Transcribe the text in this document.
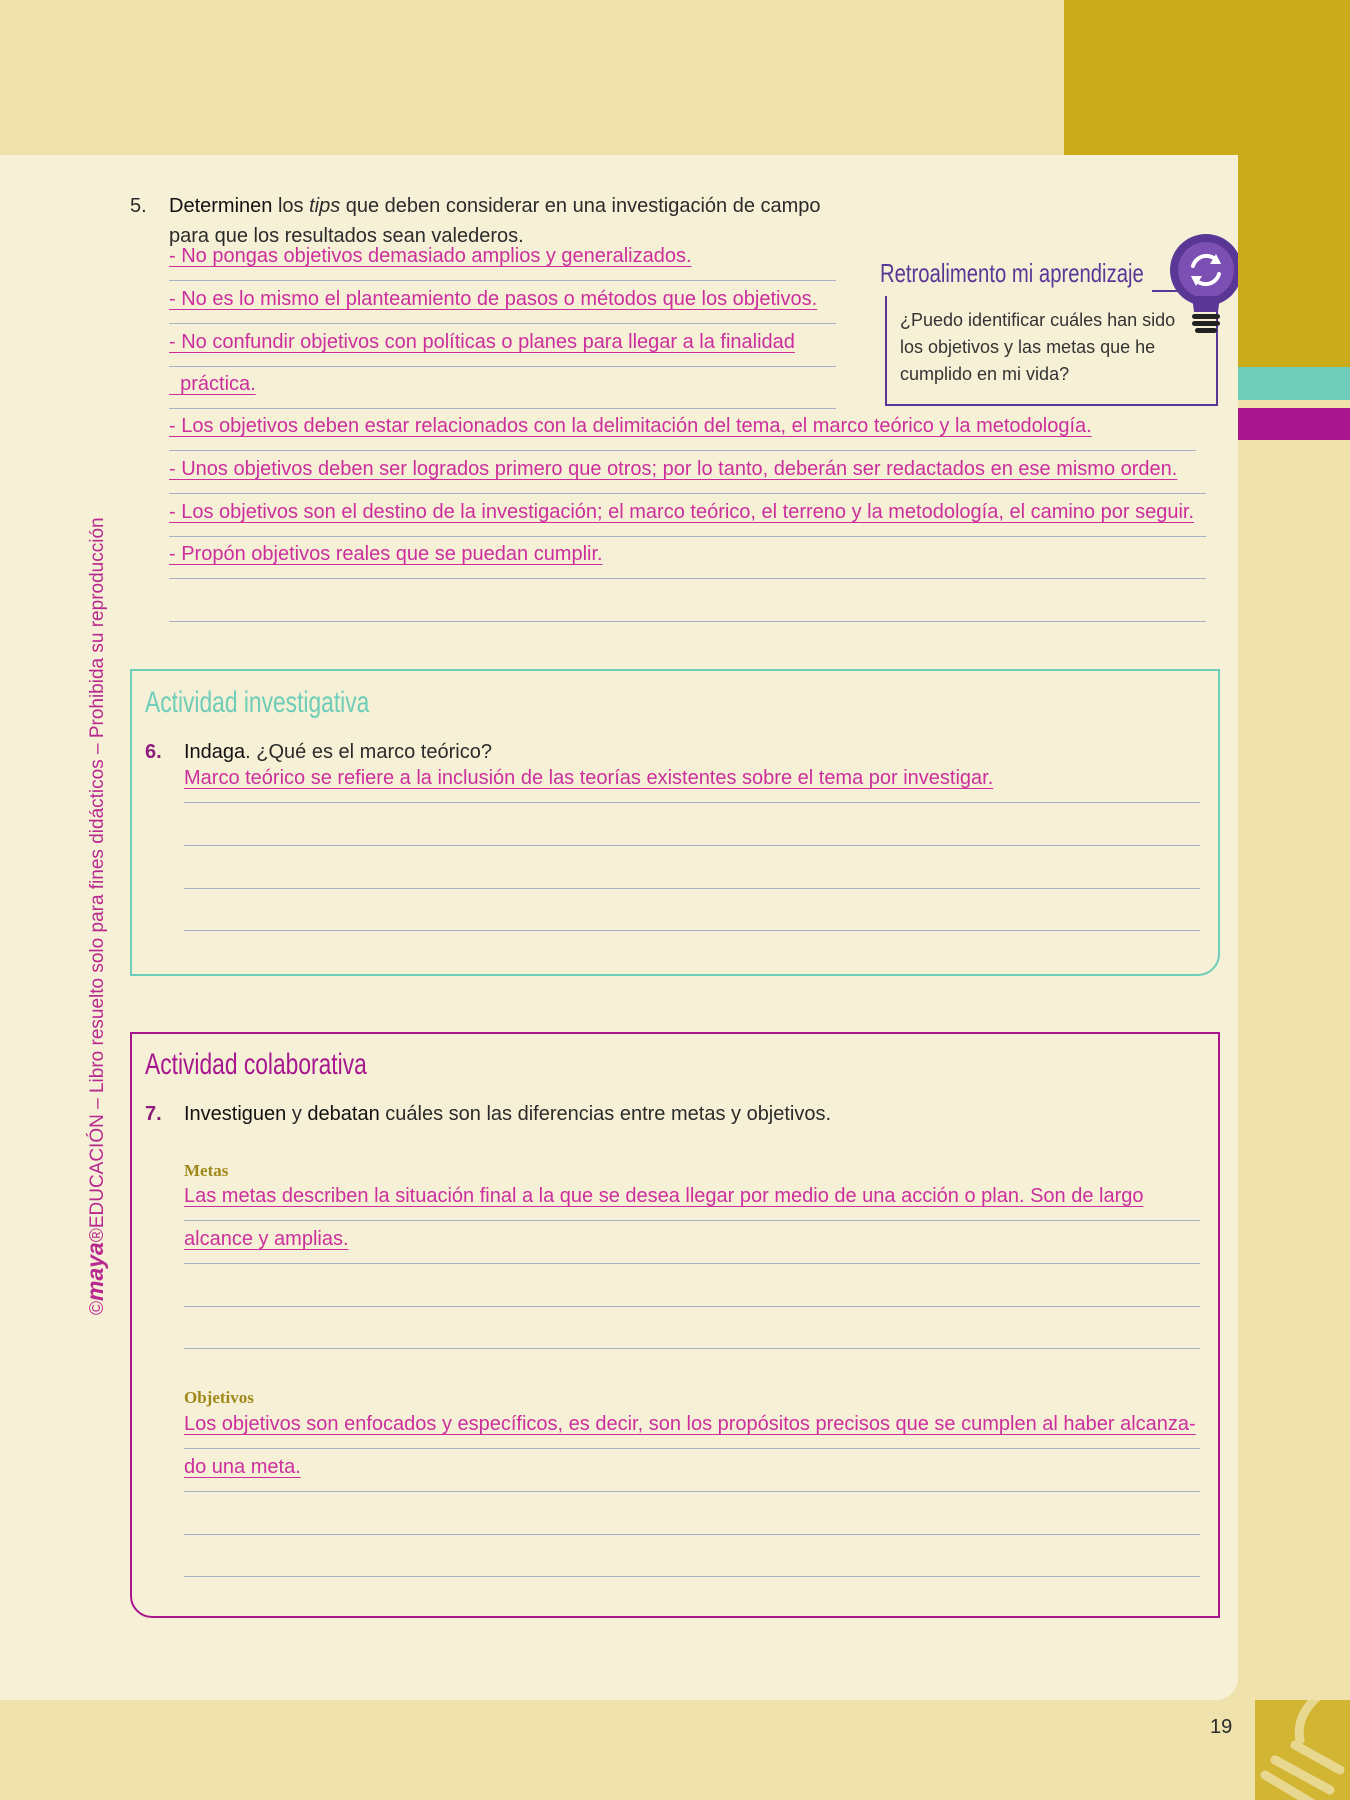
©maya®EDUCACIÓN – Libro resuelto solo para fines didácticos – Prohibida su reproducción
5. Determinen los tips que deben considerar en una investigación de campo
para que los resultados sean valederos.
- No pongas objetivos demasiado amplios y generalizados.
- No es lo mismo el planteamiento de pasos o métodos que los objetivos.
- No confundir objetivos con políticas o planes para llegar a la finalidad
práctica.
- Los objetivos deben estar relacionados con la delimitación del tema, el marco teórico y la metodología.
- Unos objetivos deben ser logrados primero que otros; por lo tanto, deberán ser redactados en ese mismo orden.
- Los objetivos son el destino de la investigación; el marco teórico, el terreno y la metodología, el camino por seguir.
- Propón objetivos reales que se puedan cumplir.
Retroalimento mi aprendizaje
¿Puedo identificar cuáles han sido los objetivos y las metas que he cumplido en mi vida?
Actividad investigativa
6. Indaga. ¿Qué es el marco teórico?
Marco teórico se refiere a la inclusión de las teorías existentes sobre el tema por investigar.
Actividad colaborativa
7. Investiguen y debatan cuáles son las diferencias entre metas y objetivos.
Metas
Las metas describen la situación final a la que se desea llegar por medio de una acción o plan. Son de largo
alcance y amplias.
Objetivos
Los objetivos son enfocados y específicos, es decir, son los propósitos precisos que se cumplen al haber alcanza-
do una meta.
19
